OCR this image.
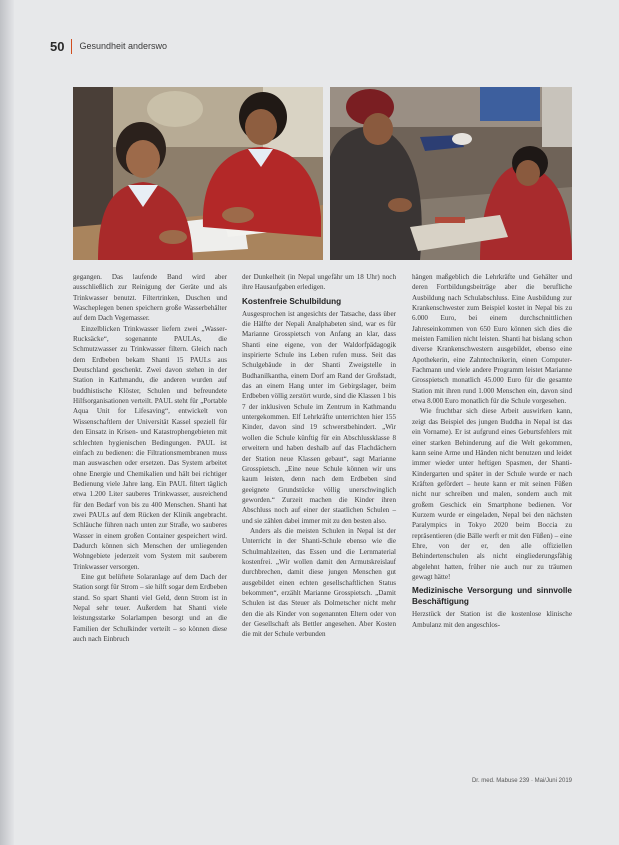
50 Gesundheit anderswo

gegangen. Das laufende Band wird aber ausschließlich zur Reinigung der Geräte und als Trinkwasser benutzt. Filtertrinken, Duschen und Wascheplegen benen speichern große Wasserbehälter auf dem Dach Vegemasser.

Einzelblicken Trinkwasser liefern zwei „Wasser-Rucksäcke“, sogenannte PAULAs, die Schmutzwasser zu Trinkwasser filtern. Gleich nach dem Erdbeben bekam Shanti 15 PAULs aus Deutschland geschenkt. Zwei davon stehen in der Station in Kathmandu, die anderen wurden auf buddhistische Klöster, Schulen und befreundete Hilfsorganisationen verteilt. PAUL steht für „Portable Aqua Unit for Lifesaving“, entwickelt von Wissenschaftlern der Universität Kassel speziell für den Einsatz in Krisen- und Katastrophengebieten mit schlechten hygienischen Bedingungen. PAUL ist einfach zu bedienen: die Filtrationsmembranen muss man auswaschen oder ersetzen. Das System arbeitet ohne Energie und Chemikalien und hält bei richtiger Bedienung viele Jahre lang. Ein PAUL filtert täglich etwa 1.200 Liter sauberes Trinkwasser, ausreichend für den Bedarf von bis zu 400 Menschen. Shanti hat zwei PAULs auf dem Rücken der Klinik angebracht. Schläuche führen nach unten zur Straße, wo sauberes Wasser in einem großen Container gespeichert wird. Dadurch können sich Menschen der umliegenden Wohngebiete jederzeit vom System mit sauberem Trinkwasser versorgen.

Eine gut belüftete Solaranlage auf dem Dach der Station sorgt für Strom – sie hilft sogar dem Erdbeben stand. So spart Shanti viel Geld, denn Strom ist in Nepal sehr teuer. Außerdem hat Shanti viele leistungsstarke Solarlampen besorgt und an die Familien der Schulkinder verteilt – so können diese auch nach Einbruch

der Dunkelheit (in Nepal ungefähr um 18 Uhr) noch ihre Hausaufgaben erledigen.

Kostenfreie Schulbildung

Ausgesprochen ist angesichts der Tatsache, dass über die Hälfte der Nepali Analphabeten sind, war es für Marianne Grosspietsch von Anfang an klar, dass Shanti eine eigene, von der Waldorfpädagogik inspirierte Schule ins Leben rufen muss. Seit das Schulgebäude in der Shanti Zweigstelle in Budhanilkantha, einem Dorf am Rand der Großstadt, das an einem Hang unter im Gebirgslager, beim Erdbeben völlig zerstört wurde, sind die Klassen 1 bis 7 der inklusiven Schule im Zentrum in Kathmandu untergekommen. Elf Lehrkräfte unterrichten hier 155 Kinder, davon sind 19 schwerstbehindert. „Wir wollen die Schule künftig für ein Abschlussklasse 8 erweitern und haben deshalb auf das Flachdächern der Station neue Klassen gebaut“, sagt Marianne Grosspietsch. „Eine neue Schule können wir uns kaum leisten, denn nach dem Erdbeben sind geeignete Grundstücke völlig unerschwinglich geworden.“ Zurzeit machen die Kinder ihren Abschluss noch auf einer der staatlichen Schulen – und sie zählen dabei immer mit zu den besten also.

Anders als die meisten Schulen in Nepal ist der Unterricht in der Shanti-Schule ebenso wie die Schulmahlzeiten, das Essen und die Lernmaterial kostenfrei. „Wir wollen damit den Armutskreislauf durchbrechen, damit diese jungen Menschen gut ausgebildet einen echten gesellschaftlichen Status bekommen“, erzählt Marianne Grosspietsch. „Damit Schulen ist das Steuer als Dolmetscher nicht mehr den die als Kinder von sogenannten Eltern oder von der Gesellschaft als Bettler angesehen. Aber Kosten die mit der Schule verbunden

hängen maßgeblich die Lehrkräfte und Gehälter und deren Fortbildungsbeiträge aber die berufliche Ausbildung nach Schulabschluss. Eine Ausbildung zur Krankenschwester zum Beispiel kostet in Nepal bis zu 6.000 Euro, bei einem durchschnittlichen Jahreseinkommen von 650 Euro können sich dies die meisten Familien nicht leisten. Shanti hat bislang schon diverse Krankenschwestern ausgebildet, ebenso eine Apothekerin, eine Zahntechnikerin, einen Computer-Fachmann und viele andere Programm leistet Marianne Grosspietsch monatlich 45.000 Euro für die gesamte Station mit ihren rund 1.000 Menschen ein, davon sind etwa 8.000 Euro monatlich für die Schule vorgesehen.

Wie fruchtbar sich diese Arbeit auswirken kann, zeigt das Beispiel des jungen Buddha in Nepal ist das ein Vorname). Er ist aufgrund eines Geburtsfehlers mit einer starken Behinderung auf die Welt gekommen, kann seine Arme und Händen nicht benutzen und leidet immer wieder unter heftigen Spasmen, der Shanti-Kindergarten und später in der Schule wurde er nach Kräften gefördert – heute kann er mit seinen Füßen nicht nur schreiben und malen, sondern auch mit großem Geschick ein Smartphone bedienen. Vor Kurzem wurde er eingeladen, Nepal bei den nächsten Paralympics in Tokyo 2020 beim Boccia zu repräsentieren (die Bälle werft er mit den Füßen) – eine Ehre, von der er, den alle offiziellen Behindertenschulen als nicht eingliederungsfähig abgelehnt hatten, früher nie auch nur zu träumen gewagt hätte!

Medizinische Versorgung und sinnvolle Beschäftigung

Herzstück der Station ist die kostenlose klinische Ambulanz mit den angeschlos-

Dr. med. Mabuse 239 · Mai/Juni 2019
